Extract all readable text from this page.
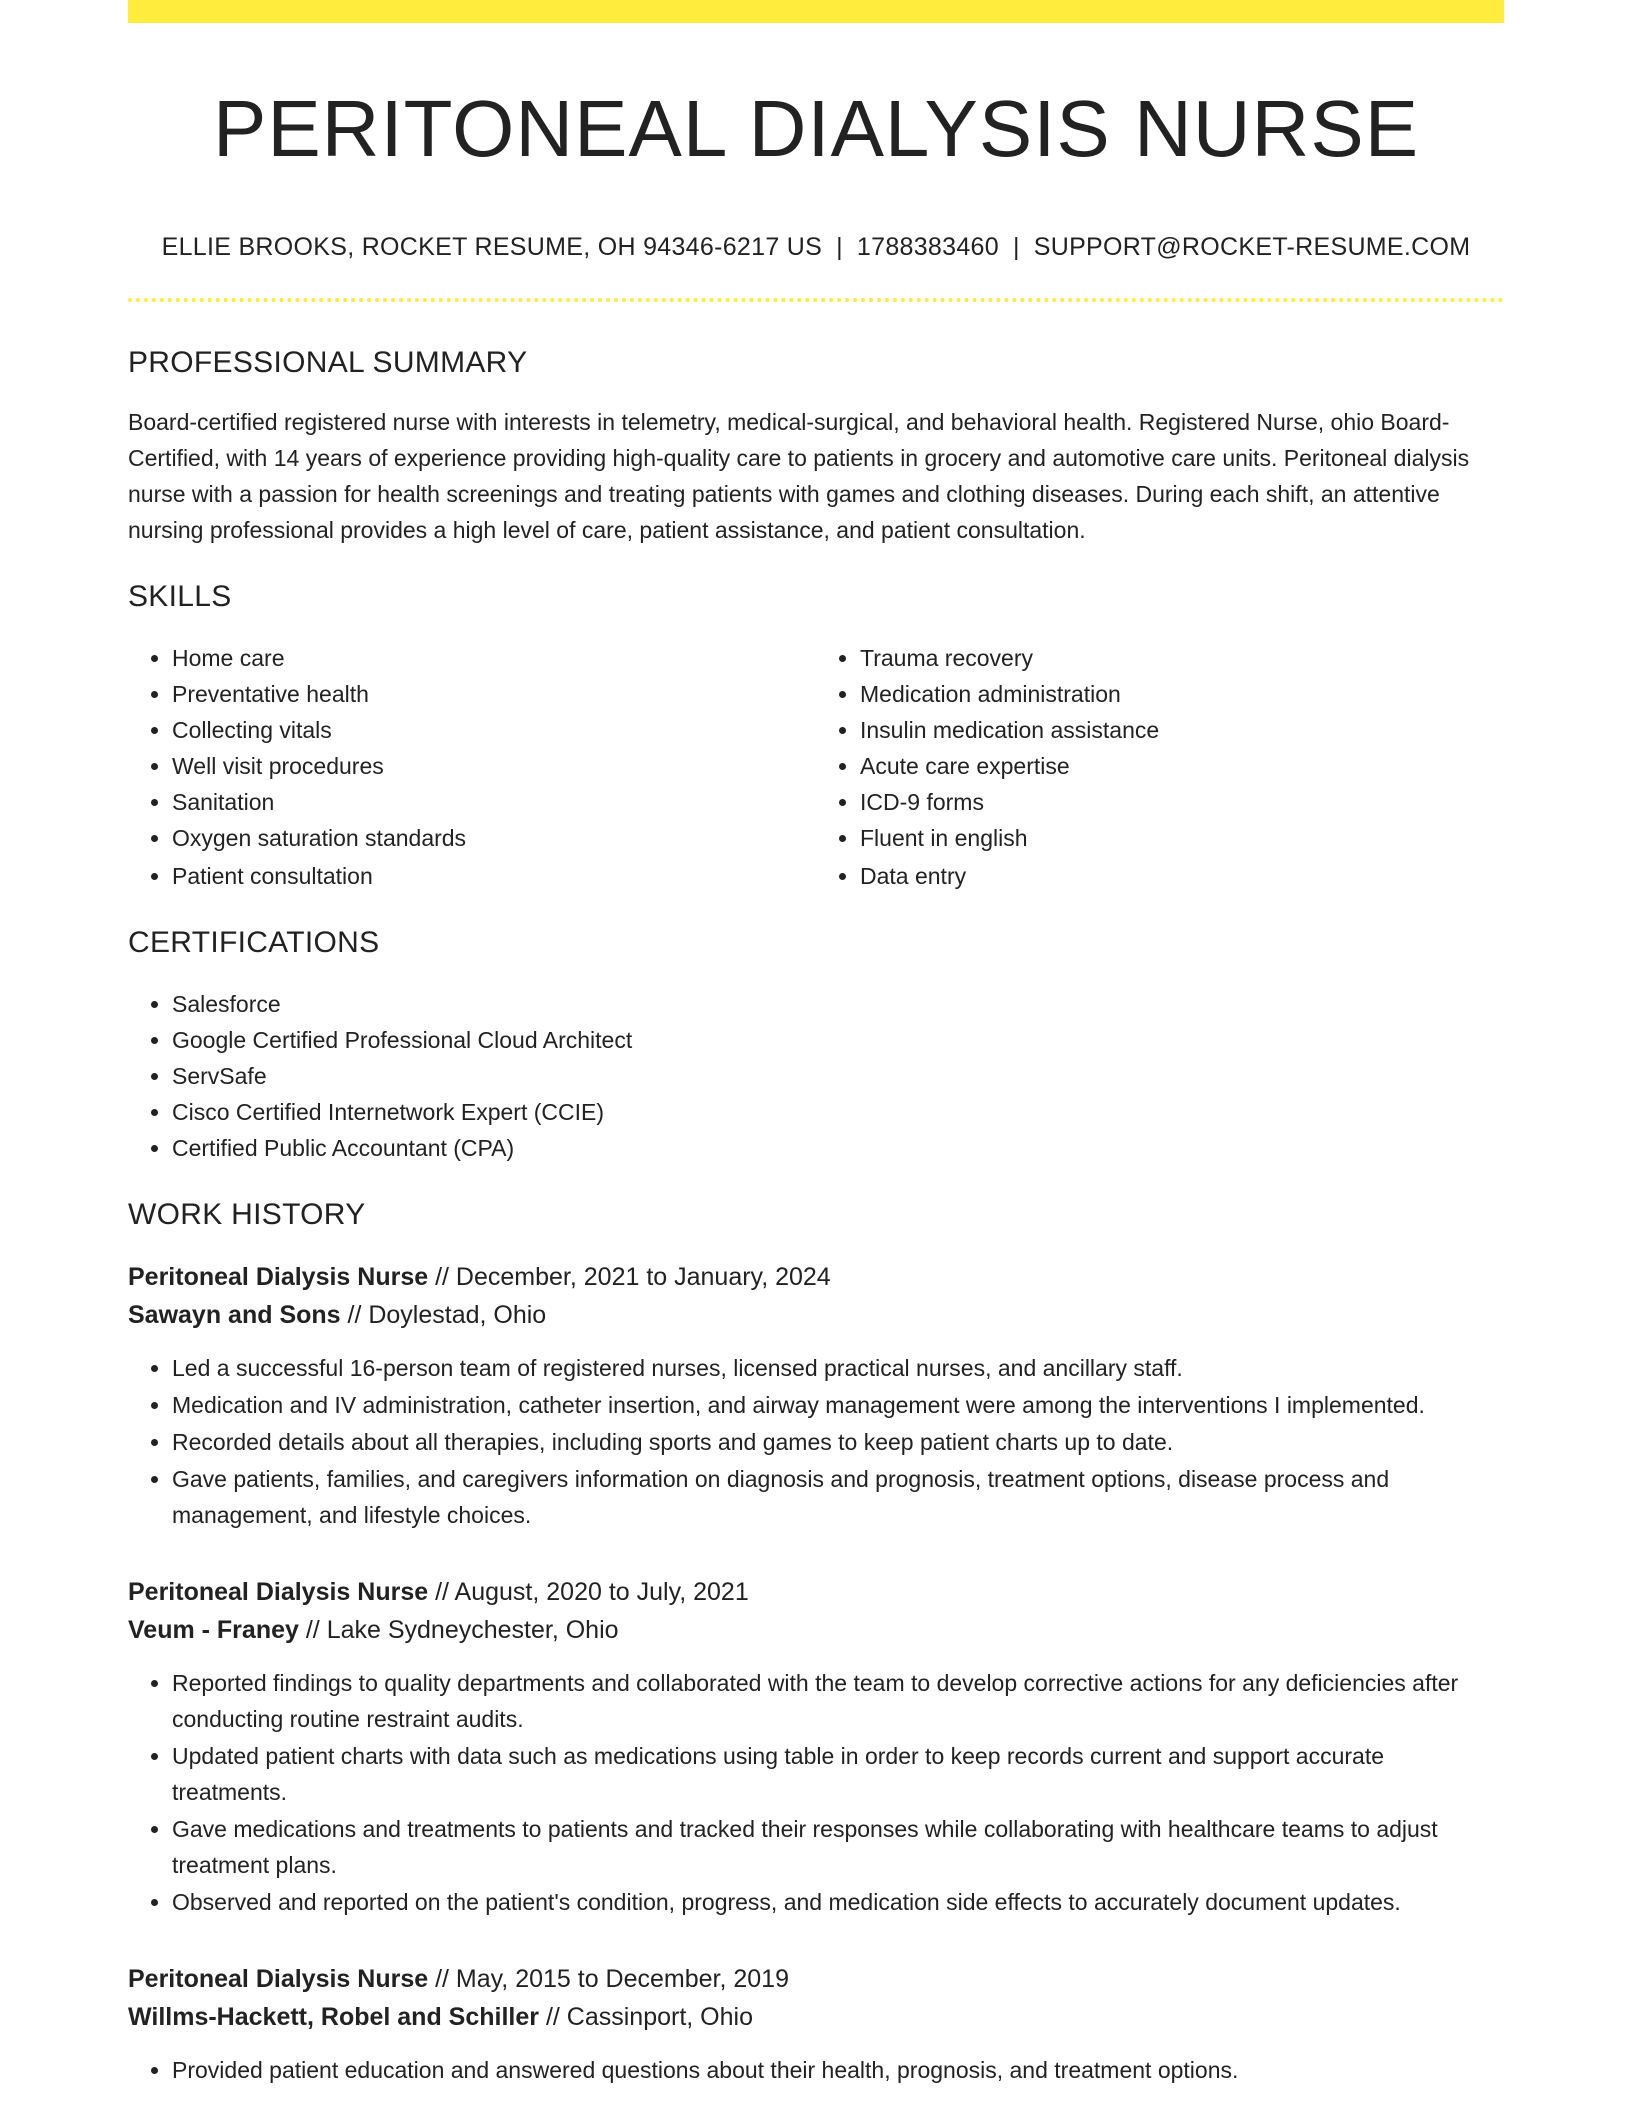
PERITONEAL DIALYSIS NURSE
ELLIE BROOKS, ROCKET RESUME, OH 94346-6217 US | 1788383460 | SUPPORT@ROCKET-RESUME.COM
PROFESSIONAL SUMMARY
Board-certified registered nurse with interests in telemetry, medical-surgical, and behavioral health. Registered Nurse, ohio Board-Certified, with 14 years of experience providing high-quality care to patients in grocery and automotive care units. Peritoneal dialysis nurse with a passion for health screenings and treating patients with games and clothing diseases. During each shift, an attentive nursing professional provides a high level of care, patient assistance, and patient consultation.
SKILLS
• Home care
• Preventative health
• Collecting vitals
• Well visit procedures
• Sanitation
• Oxygen saturation standards
• Patient consultation
• Trauma recovery
• Medication administration
• Insulin medication assistance
• Acute care expertise
• ICD-9 forms
• Fluent in english
• Data entry
CERTIFICATIONS
• Salesforce
• Google Certified Professional Cloud Architect
• ServSafe
• Cisco Certified Internetwork Expert (CCIE)
• Certified Public Accountant (CPA)
WORK HISTORY
Peritoneal Dialysis Nurse // December, 2021 to January, 2024
Sawayn and Sons // Doylestad, Ohio
• Led a successful 16-person team of registered nurses, licensed practical nurses, and ancillary staff.
• Medication and IV administration, catheter insertion, and airway management were among the interventions I implemented.
• Recorded details about all therapies, including sports and games to keep patient charts up to date.
• Gave patients, families, and caregivers information on diagnosis and prognosis, treatment options, disease process and management, and lifestyle choices.
Peritoneal Dialysis Nurse // August, 2020 to July, 2021
Veum - Franey // Lake Sydneychester, Ohio
• Reported findings to quality departments and collaborated with the team to develop corrective actions for any deficiencies after conducting routine restraint audits.
• Updated patient charts with data such as medications using table in order to keep records current and support accurate treatments.
• Gave medications and treatments to patients and tracked their responses while collaborating with healthcare teams to adjust treatment plans.
• Observed and reported on the patient's condition, progress, and medication side effects to accurately document updates.
Peritoneal Dialysis Nurse // May, 2015 to December, 2019
Willms-Hackett, Robel and Schiller // Cassinport, Ohio
• Provided patient education and answered questions about their health, prognosis, and treatment options.
